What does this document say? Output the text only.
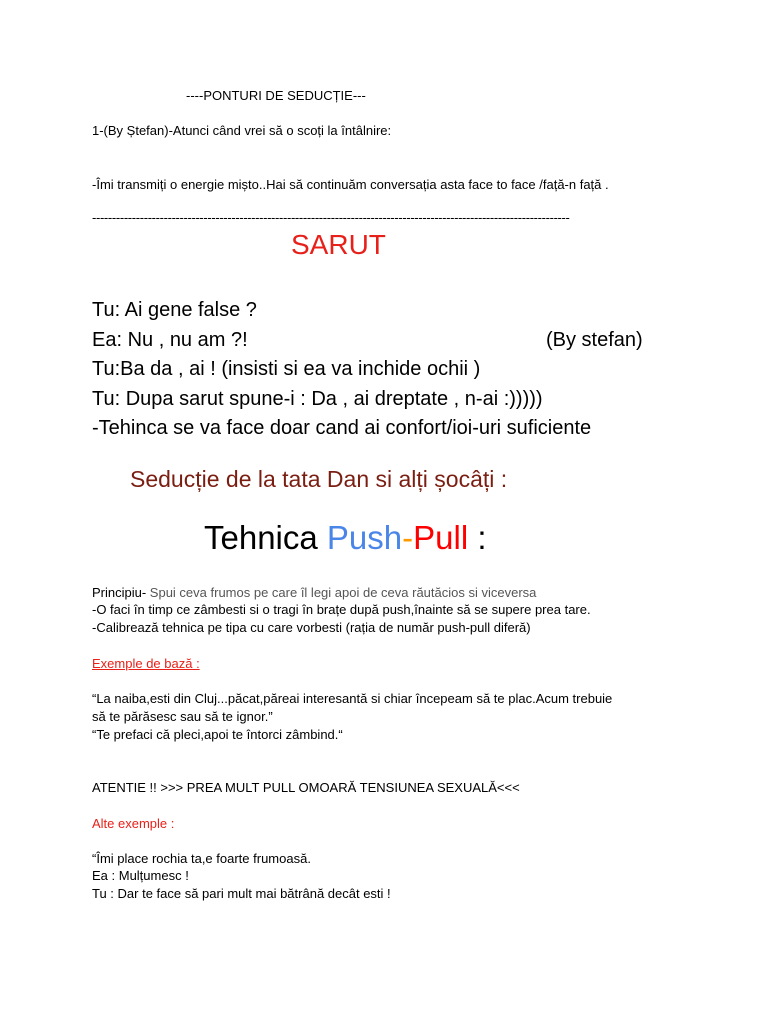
----PONTURI DE SEDUCȚIE---
1-(By Ștefan)-Atunci când vrei să o scoți la întâlnire:
-Îmi transmiți o energie mișto..Hai să continuăm conversația asta face to face /față-n față .
------------------------------------------------------------------------------------------------------------------------
SARUT
Tu: Ai gene false ?
Ea: Nu , nu am ?!	(By stefan)
Tu:Ba da , ai ! (insisti si ea va inchide ochii )
Tu: Dupa sarut spune-i : Da , ai dreptate , n-ai :)))))
-Tehinca se va face doar cand ai confort/ioi-uri suficiente
Seducție de la tata Dan si alți șocâți :
Tehnica Push-Pull :
Principiu- Spui ceva frumos pe care îl legi apoi de ceva răutăcios si viceversa
-O faci în timp ce zâmbesti si o tragi în brațe după push,înainte să se supere prea tare.
-Calibrează tehnica pe tipa cu care vorbesti (rația de număr push-pull diferă)
Exemple de bază :
“La naiba,esti din Cluj...păcat,păreai interesantă si chiar începeam să te plac.Acum trebuie
să te părăsesc sau să te ignor.”
“Te prefaci că pleci,apoi te întorci zâmbind.“
ATENTIE !! >>> PREA MULT PULL OMOARĂ TENSIUNEA SEXUALĂ<<<
Alte exemple :
“Îmi place rochia ta,e foarte frumoasă.
Ea : Mulțumesc !
Tu : Dar te face să pari mult mai bătrână decât esti !
